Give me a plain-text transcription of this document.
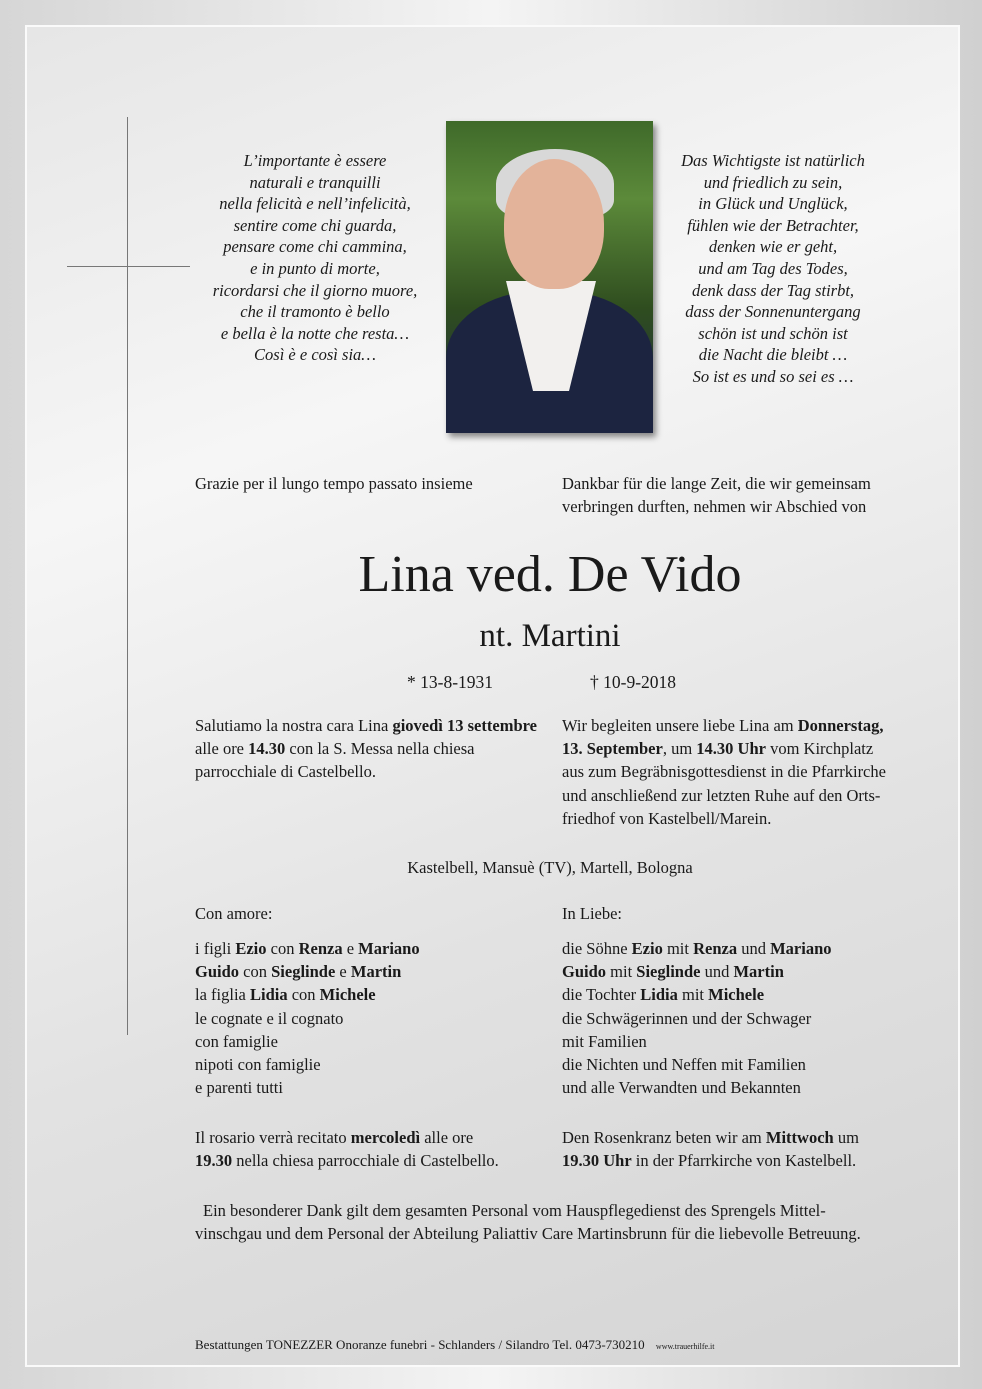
L’importante è essere
naturali e tranquilli
nella felicità e nell’infelicità,
sentire come chi guarda,
pensare come chi cammina,
e in punto di morte,
ricordarsi che il giorno muore,
che il tramonto è bello
e bella è la notte che resta…
Così è e così sia…
Das Wichtigste ist natürlich
und friedlich zu sein,
in Glück und Unglück,
fühlen wie der Betrachter,
denken wie er geht,
und am Tag des Todes,
denk dass der Tag stirbt,
dass der Sonnenuntergang
schön ist und schön ist
die Nacht die bleibt …
So ist es und so sei es …
Grazie per il lungo tempo passato insieme	Dankbar für die lange Zeit, die wir gemeinsam
verbringen durften, nehmen wir Abschied von
Lina ved. De Vido
nt. Martini
* 13-8-1931	† 10-9-2018
Salutiamo la nostra cara Lina giovedì 13 settembre
alle ore 14.30 con la S. Messa nella chiesa
parrocchiale di Castelbello.
Wir begleiten unsere liebe Lina am Donnerstag,
13. September, um 14.30 Uhr vom Kirchplatz
aus zum Begräbnisgottesdienst in die Pfarrkirche
und anschließend zur letzten Ruhe auf den Orts-
friedhof von Kastelbell/Marein.
Kastelbell, Mansuè (TV), Martell, Bologna
Con amore:	In Liebe:
i figli Ezio con Renza e Mariano
Guido con Sieglinde e Martin
la figlia Lidia con Michele
le cognate e il cognato
con famiglie
nipoti con famiglie
e parenti tutti
die Söhne Ezio mit Renza und Mariano
Guido mit Sieglinde und Martin
die Tochter Lidia mit Michele
die Schwägerinnen und der Schwager
mit Familien
die Nichten und Neffen mit Familien
und alle Verwandten und Bekannten
Il rosario verrà recitato mercoledì alle ore
19.30 nella chiesa parrocchiale di Castelbello.
Den Rosenkranz beten wir am Mittwoch um
19.30 Uhr in der Pfarrkirche von Kastelbell.
Ein besonderer Dank gilt dem gesamten Personal vom Hauspflegedienst des Sprengels Mittel-
vinschgau und dem Personal der Abteilung Paliattiv Care Martinsbrunn für die liebevolle Betreuung.
Bestattungen TONEZZER Onoranze funebri - Schlanders / Silandro Tel. 0473-730210 www.trauerhilfe.it
